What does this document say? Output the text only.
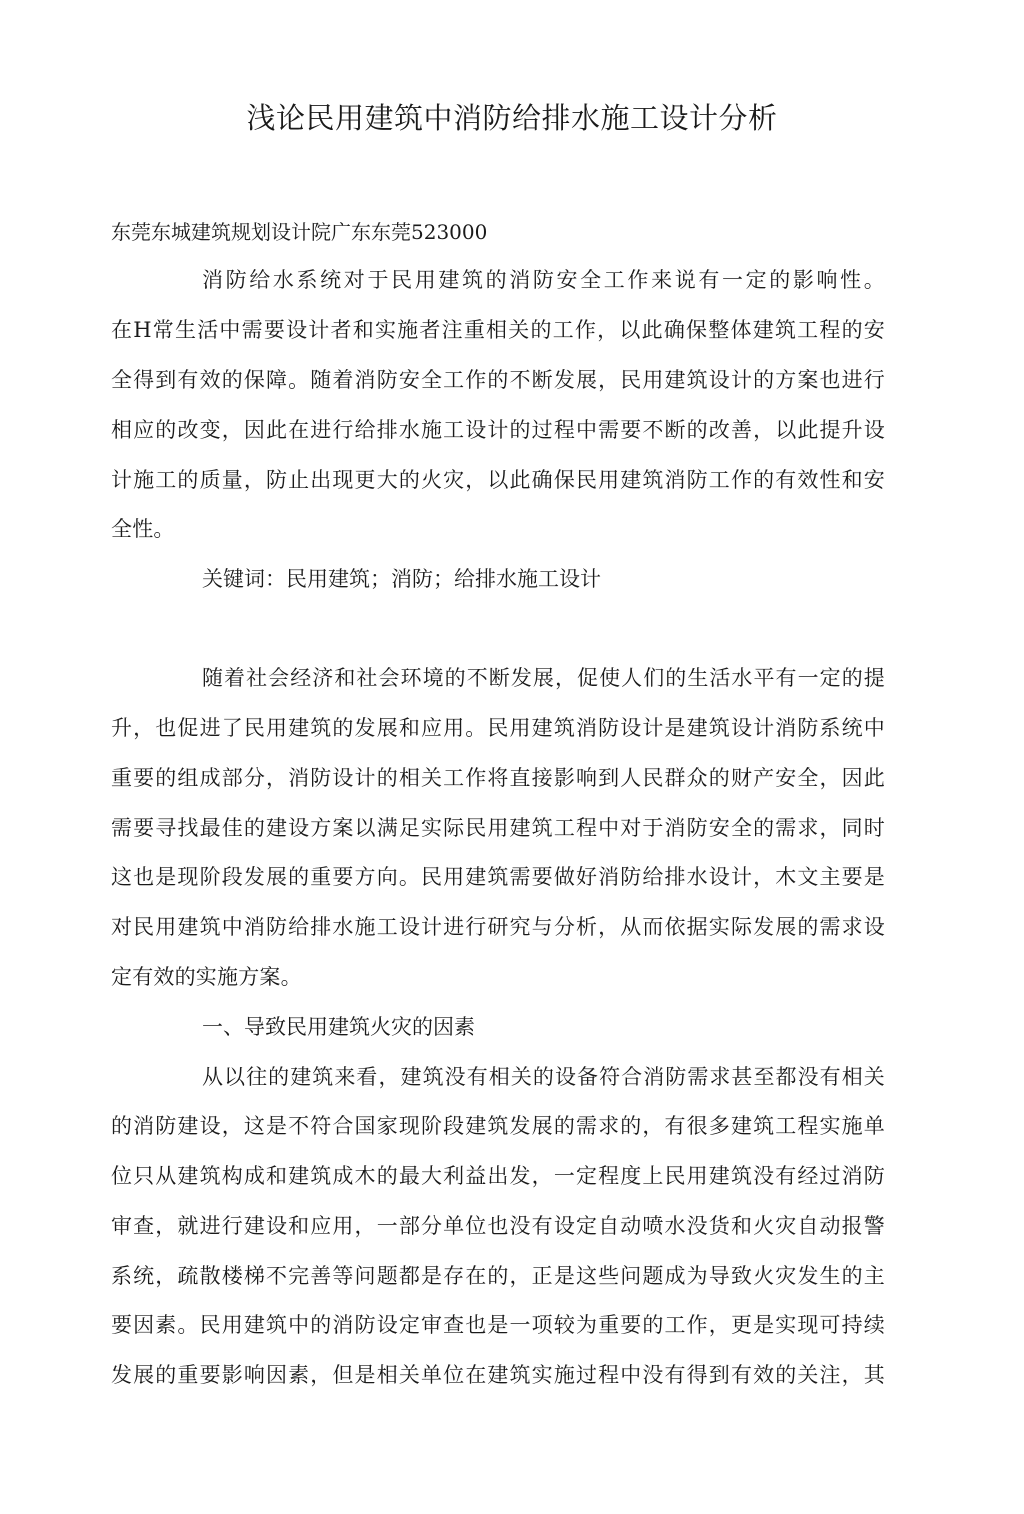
浅论民用建筑中消防给排水施工设计分析
东莞东城建筑规划设计院广东东莞523000
消防给水系统对于民用建筑的消防安全工作来说有一定的影响性。
在H常生活中需要设计者和实施者注重相关的工作，以此确保整体建筑工程的安
全得到有效的保障。随着消防安全工作的不断发展，民用建筑设计的方案也进行
相应的改变，因此在进行给排水施工设计的过程中需要不断的改善，以此提升设
计施工的质量，防止出现更大的火灾，以此确保民用建筑消防工作的有效性和安
全性。
关键词：民用建筑；消防；给排水施工设计
随着社会经济和社会环境的不断发展，促使人们的生活水平有一定的提
升，也促进了民用建筑的发展和应用。民用建筑消防设计是建筑设计消防系统中
重要的组成部分，消防设计的相关工作将直接影响到人民群众的财产安全，因此
需要寻找最佳的建设方案以满足实际民用建筑工程中对于消防安全的需求，同时
这也是现阶段发展的重要方向。民用建筑需要做好消防给排水设计，木文主要是
对民用建筑中消防给排水施工设计进行研究与分析，从而依据实际发展的需求设
定有效的实施方案。
一、导致民用建筑火灾的因素
从以往的建筑来看，建筑没有相关的设备符合消防需求甚至都没有相关
的消防建设，这是不符合国家现阶段建筑发展的需求的，有很多建筑工程实施单
位只从建筑构成和建筑成木的最大利益出发，一定程度上民用建筑没有经过消防
审查，就进行建设和应用，一部分单位也没有设定自动喷水没货和火灾自动报警
系统，疏散楼梯不完善等问题都是存在的，正是这些问题成为导致火灾发生的主
要因素。民用建筑中的消防设定审查也是一项较为重要的工作，更是实现可持续
发展的重要影响因素，但是相关单位在建筑实施过程中没有得到有效的关注，其
